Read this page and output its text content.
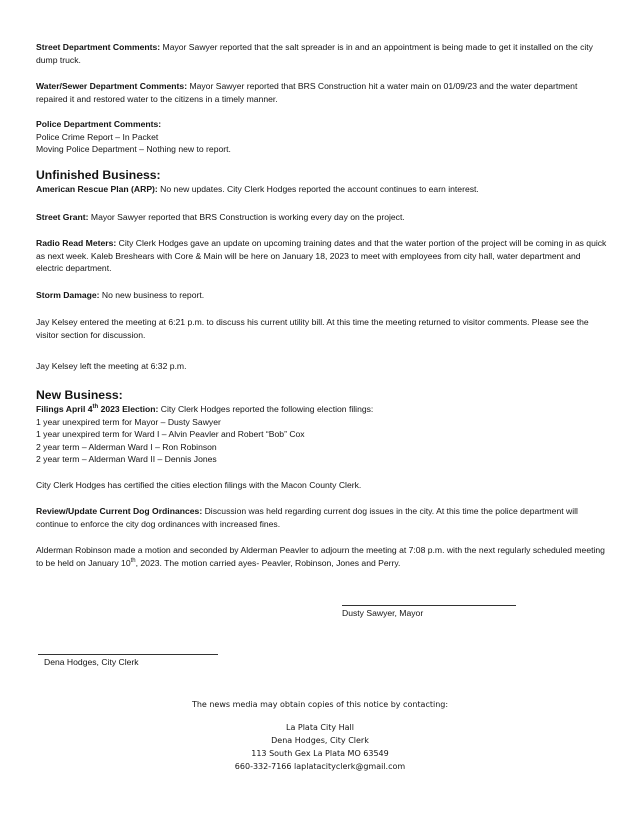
Street Department Comments: Mayor Sawyer reported that the salt spreader is in and an appointment is being made to get it installed on the city dump truck.

Water/Sewer Department Comments: Mayor Sawyer reported that BRS Construction hit a water main on 01/09/23 and the water department repaired it and restored water to the citizens in a timely manner.

Police Department Comments:
Police Crime Report – In Packet
Moving Police Department – Nothing new to report.

Unfinished Business:

American Rescue Plan (ARP): No new updates. City Clerk Hodges reported the account continues to earn interest.

Street Grant: Mayor Sawyer reported that BRS Construction is working every day on the project.

Radio Read Meters: City Clerk Hodges gave an update on upcoming training dates and that the water portion of the project will be coming in as quick as next week. Kaleb Breshears with Core & Main will be here on January 18, 2023 to meet with employees from city hall, water department and electric department.

Storm Damage: No new business to report.

Jay Kelsey entered the meeting at 6:21 p.m. to discuss his current utility bill. At this time the meeting returned to visitor comments. Please see the visitor section for discussion.

Jay Kelsey left the meeting at 6:32 p.m.

New Business:

Filings April 4th 2023 Election: City Clerk Hodges reported the following election filings:
1 year unexpired term for Mayor – Dusty Sawyer
1 year unexpired term for Ward I – Alvin Peavler and Robert “Bob” Cox
2 year term – Alderman Ward I – Ron Robinson
2 year term – Alderman Ward II – Dennis Jones

City Clerk Hodges has certified the cities election filings with the Macon County Clerk.

Review/Update Current Dog Ordinances: Discussion was held regarding current dog issues in the city. At this time the police department will continue to enforce the city dog ordinances with increased fines.

Alderman Robinson made a motion and seconded by Alderman Peavler to adjourn the meeting at 7:08 p.m. with the next regularly scheduled meeting to be held on January 10th, 2023. The motion carried ayes- Peavler, Robinson, Jones and Perry.

Dusty Sawyer, Mayor
Dena Hodges, City Clerk
The news media may obtain copies of this notice by contacting:
La Plata City Hall
Dena Hodges, City Clerk
113 South Gex La Plata MO 63549
660-332-7166 laplatacityclerk@gmail.com
